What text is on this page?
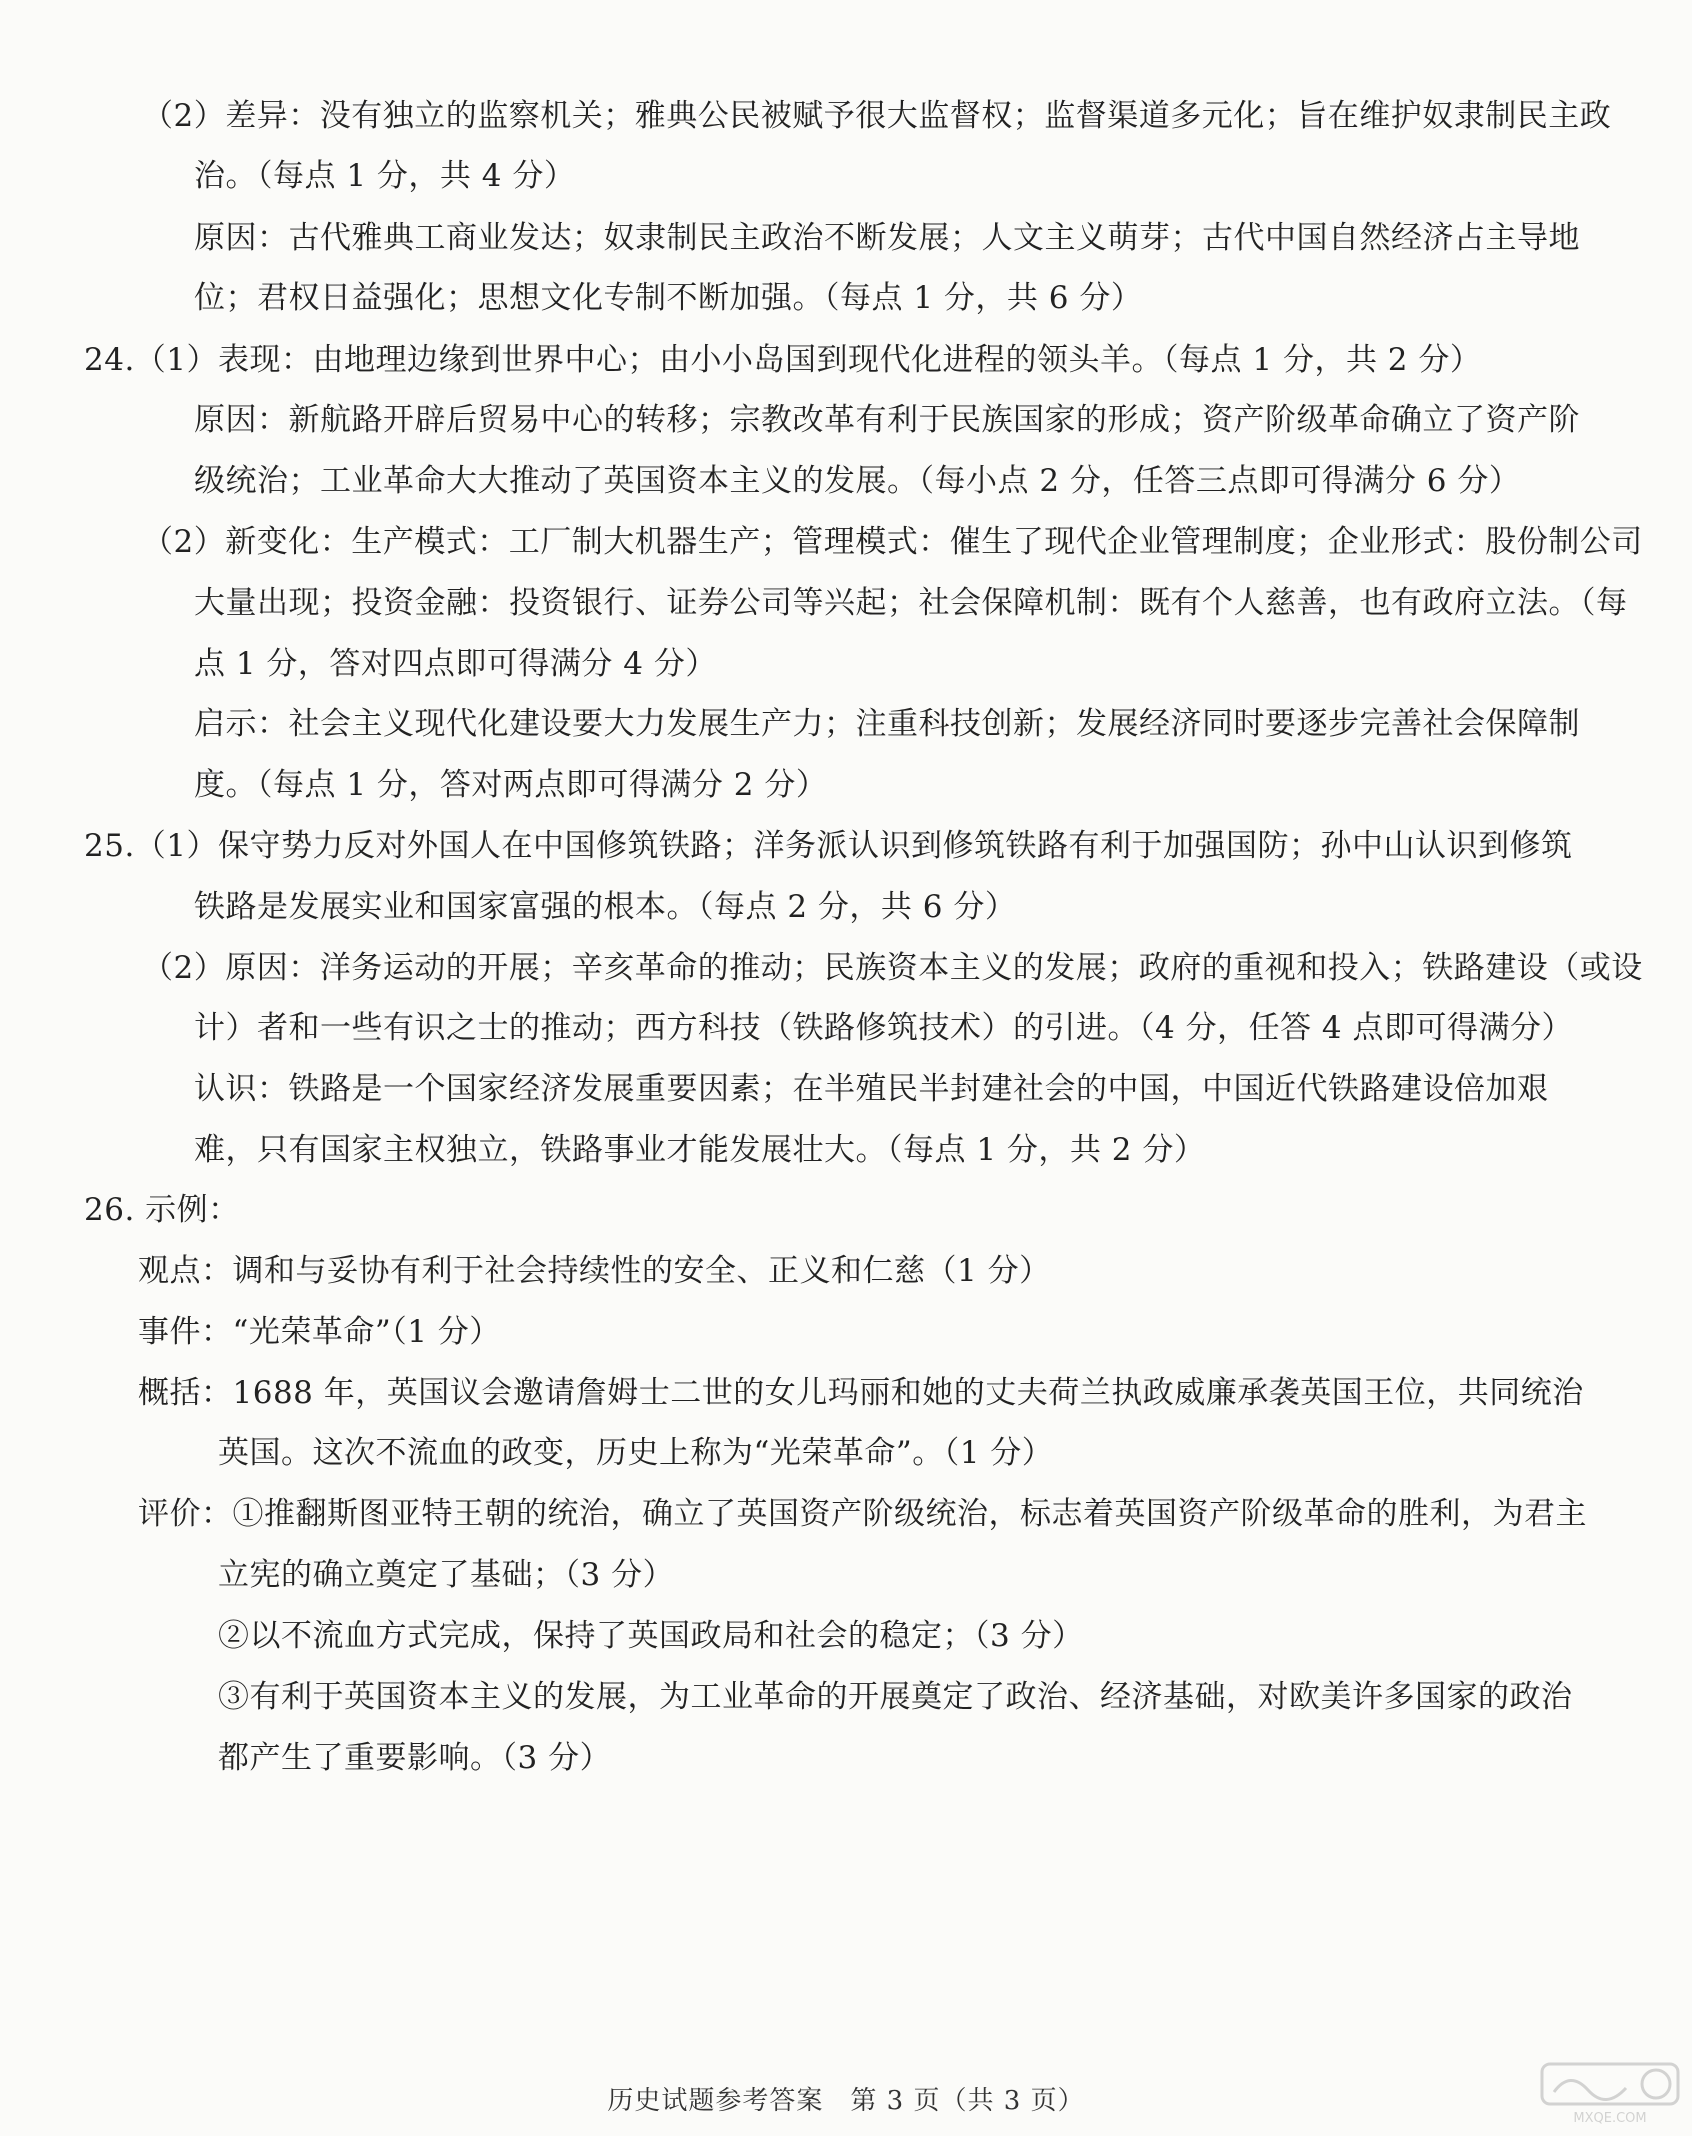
（2）差异：没有独立的监察机关；雅典公民被赋予很大监督权；监督渠道多元化；旨在维护奴隶制民主政
治。（每点 1 分，共 4 分）
原因：古代雅典工商业发达；奴隶制民主政治不断发展；人文主义萌芽；古代中国自然经济占主导地
位；君权日益强化；思想文化专制不断加强。（每点 1 分，共 6 分）
24.（1）表现：由地理边缘到世界中心；由小小岛国到现代化进程的领头羊。（每点 1 分，共 2 分）
原因：新航路开辟后贸易中心的转移；宗教改革有利于民族国家的形成；资产阶级革命确立了资产阶
级统治；工业革命大大推动了英国资本主义的发展。（每小点 2 分，任答三点即可得满分 6 分）
（2）新变化：生产模式：工厂制大机器生产；管理模式：催生了现代企业管理制度；企业形式：股份制公司
大量出现；投资金融：投资银行、证券公司等兴起；社会保障机制：既有个人慈善，也有政府立法。（每
点 1 分，答对四点即可得满分 4 分）
启示：社会主义现代化建设要大力发展生产力；注重科技创新；发展经济同时要逐步完善社会保障制
度。（每点 1 分，答对两点即可得满分 2 分）
25.（1）保守势力反对外国人在中国修筑铁路；洋务派认识到修筑铁路有利于加强国防；孙中山认识到修筑
铁路是发展实业和国家富强的根本。（每点 2 分，共 6 分）
（2）原因：洋务运动的开展；辛亥革命的推动；民族资本主义的发展；政府的重视和投入；铁路建设（或设
计）者和一些有识之士的推动；西方科技（铁路修筑技术）的引进。（4 分，任答 4 点即可得满分）
认识：铁路是一个国家经济发展重要因素；在半殖民半封建社会的中国，中国近代铁路建设倍加艰
难，只有国家主权独立，铁路事业才能发展壮大。（每点 1 分，共 2 分）
26. 示例：
观点：调和与妥协有利于社会持续性的安全、正义和仁慈（1 分）
事件：“光荣革命”（1 分）
概括：1688 年，英国议会邀请詹姆士二世的女儿玛丽和她的丈夫荷兰执政威廉承袭英国王位，共同统治
英国。这次不流血的政变，历史上称为“光荣革命”。（1 分）
评价：①推翻斯图亚特王朝的统治，确立了英国资产阶级统治，标志着英国资产阶级革命的胜利，为君主
立宪的确立奠定了基础；（3 分）
②以不流血方式完成，保持了英国政局和社会的稳定；（3 分）
③有利于英国资本主义的发展，为工业革命的开展奠定了政治、经济基础，对欧美许多国家的政治
都产生了重要影响。（3 分）
历史试题参考答案　第 3 页（共 3 页）
MXQE.COM
